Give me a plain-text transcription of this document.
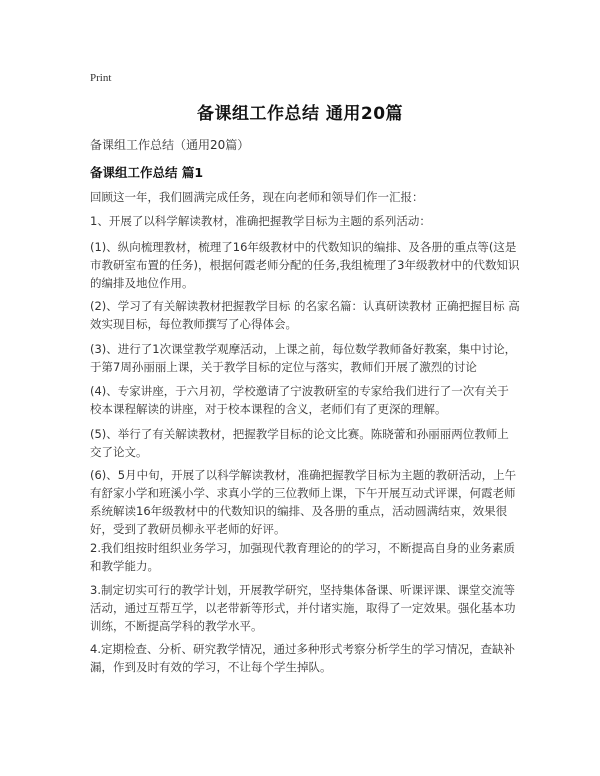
Print
备课组工作总结 通用20篇
备课组工作总结（通用20篇）
备课组工作总结 篇1
回顾这一年，我们圆满完成任务，现在向老师和领导们作一汇报：
1、开展了以科学解读教材，准确把握教学目标为主题的系列活动：
(1)、纵向梳理教材，梳理了16年级教材中的代数知识的编排、及各册的重点等(这是市教研室布置的任务)，根据何霞老师分配的任务,我组梳理了3年级教材中的代数知识的编排及地位作用。
(2)、学习了有关解读教材把握教学目标 的名家名篇：认真研读教材 正确把握目标 高效实现目标，每位教师撰写了心得体会。
(3)、进行了1次课堂教学观摩活动，上课之前，每位数学教师备好教案，集中讨论，于第7周孙丽丽上课，关于教学目标的定位与落实，教师们开展了激烈的讨论
(4)、专家讲座，于六月初，学校邀请了宁波教研室的专家给我们进行了一次有关于校本课程解读的讲座，对于校本课程的含义，老师们有了更深的理解。
(5)、举行了有关解读教材，把握教学目标的论文比赛。陈晓蕾和孙丽丽两位教师上交了论文。
(6)、5月中旬，开展了以科学解读教材，准确把握教学目标为主题的教研活动，上午有舒家小学和班溪小学、求真小学的三位教师上课，下午开展互动式评课，何霞老师系统解读16年级教材中的代数知识的编排、及各册的重点，活动圆满结束，效果很好，受到了教研员柳永平老师的好评。
2.我们组按时组织业务学习，加强现代教育理论的的学习，不断提高自身的业务素质和教学能力。
3.制定切实可行的教学计划，开展教学研究，坚持集体备课、听课评课、课堂交流等活动，通过互帮互学，以老带新等形式，并付诸实施，取得了一定效果。强化基本功训练，不断提高学科的教学水平。
4.定期检查、分析、研究教学情况，通过多种形式考察分析学生的学习情况，查缺补漏，作到及时有效的学习，不让每个学生掉队。
